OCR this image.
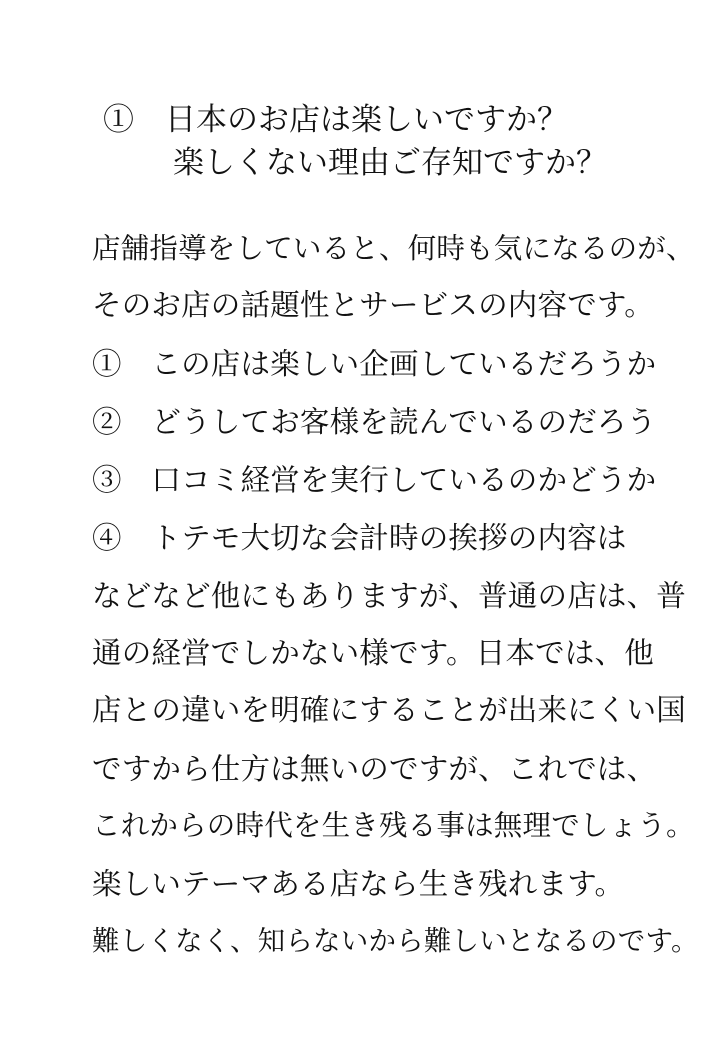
①　日本のお店は楽しいですか？
楽しくない理由ご存知ですか？
店舗指導をしていると、何時も気になるのが、
そのお店の話題性とサービスの内容です。
①　この店は楽しい企画しているだろうか
②　どうしてお客様を読んでいるのだろう
③　口コミ経営を実行しているのかどうか
④　トテモ大切な会計時の挨拶の内容は
などなど他にもありますが、普通の店は、普
通の経営でしかない様です。日本では、他
店との違いを明確にすることが出来にくい国
ですから仕方は無いのですが、これでは、
これからの時代を生き残る事は無理でしょう。
楽しいテーマある店なら生き残れます。
難しくなく、知らないから難しいとなるのです。
